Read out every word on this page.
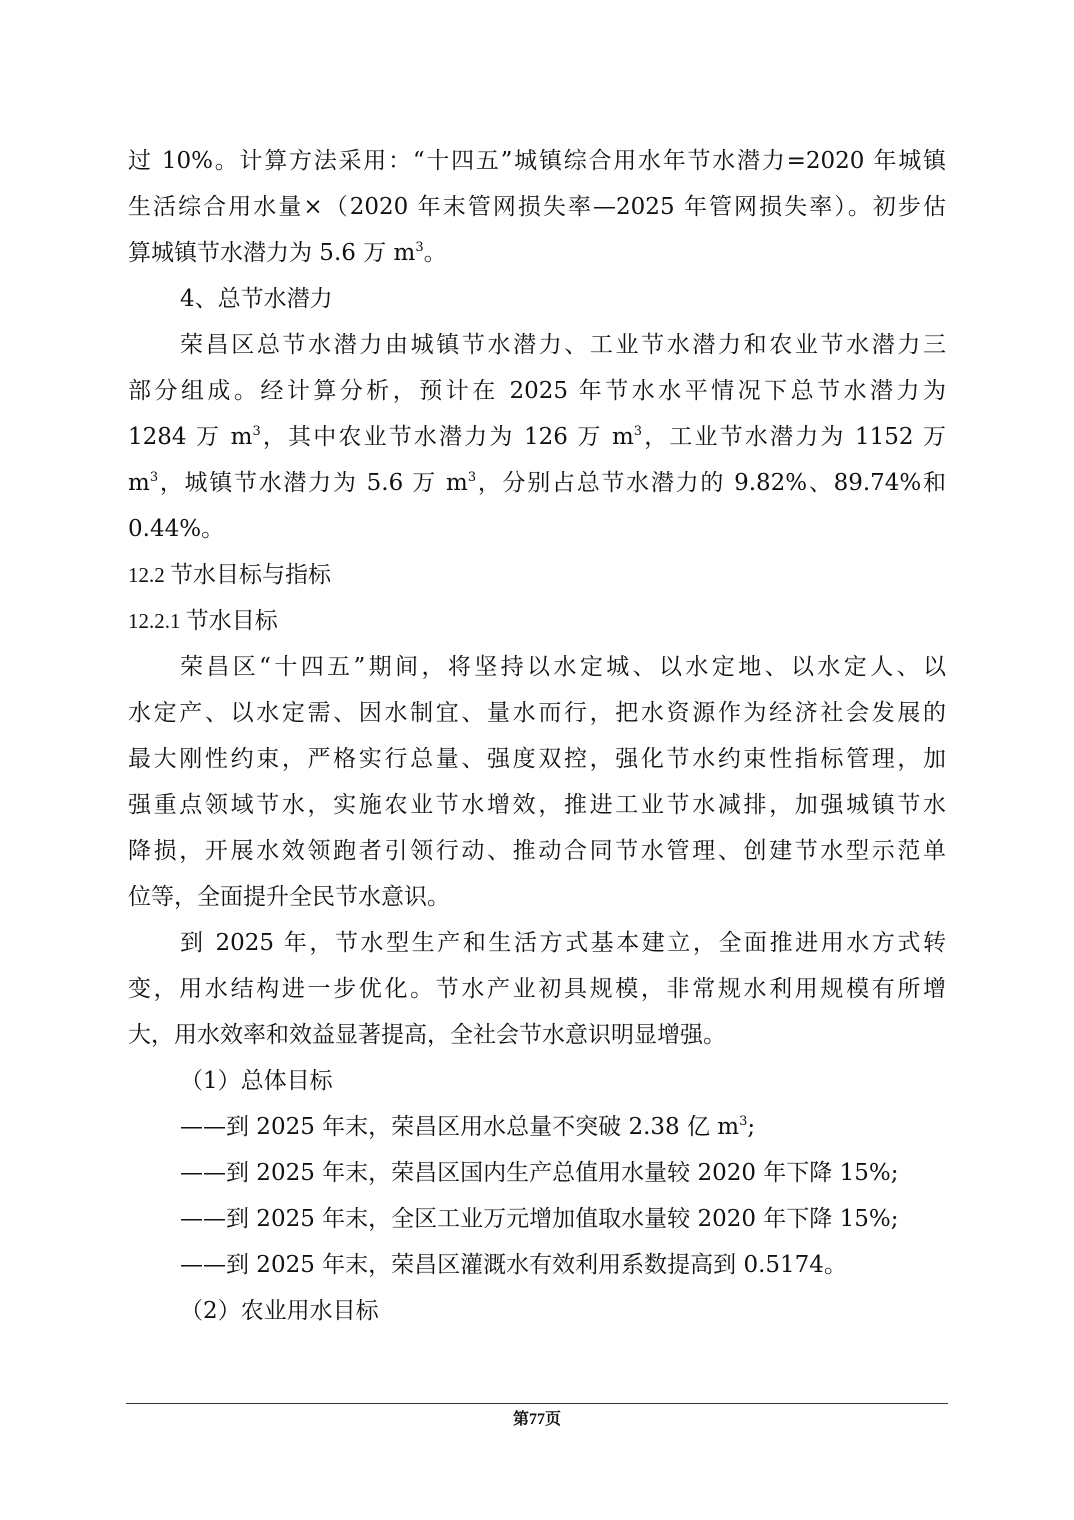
过 10%。计算方法采用：“十四五”城镇综合用水年节水潜力=2020 年城镇
生活综合用水量×（2020 年末管网损失率—2025 年管网损失率）。初步估
算城镇节水潜力为 5.6 万 $m^3$。
4、总节水潜力
荣昌区总节水潜力由城镇节水潜力、工业节水潜力和农业节水潜力三
部分组成。经计算分析，预计在 2025 年节水水平情况下总节水潜力为
1284 万 $m^3$，其中农业节水潜力为 126 万 $m^3$，工业节水潜力为 1152 万
$m^3$，城镇节水潜力为 5.6 万 $m^3$，分别占总节水潜力的 9.82%、89.74%和
0.44%。
12.2 节水目标与指标
12.2.1 节水目标
荣昌区“十四五”期间，将坚持以水定城、以水定地、以水定人、以
水定产、以水定需、因水制宜、量水而行，把水资源作为经济社会发展的
最大刚性约束，严格实行总量、强度双控，强化节水约束性指标管理，加
强重点领域节水，实施农业节水增效，推进工业节水减排，加强城镇节水
降损，开展水效领跑者引领行动、推动合同节水管理、创建节水型示范单
位等，全面提升全民节水意识。
到 2025 年，节水型生产和生活方式基本建立，全面推进用水方式转
变，用水结构进一步优化。节水产业初具规模，非常规水利用规模有所增
大，用水效率和效益显著提高，全社会节水意识明显增强。
（1）总体目标
——到 2025 年末，荣昌区用水总量不突破 2.38 亿 $m^3$;
——到 2025 年末，荣昌区国内生产总值用水量较 2020 年下降 15%;
——到 2025 年末，全区工业万元增加值取水量较 2020 年下降 15%;
——到 2025 年末，荣昌区灌溉水有效利用系数提高到 0.5174。
（2）农业用水目标
第77页
